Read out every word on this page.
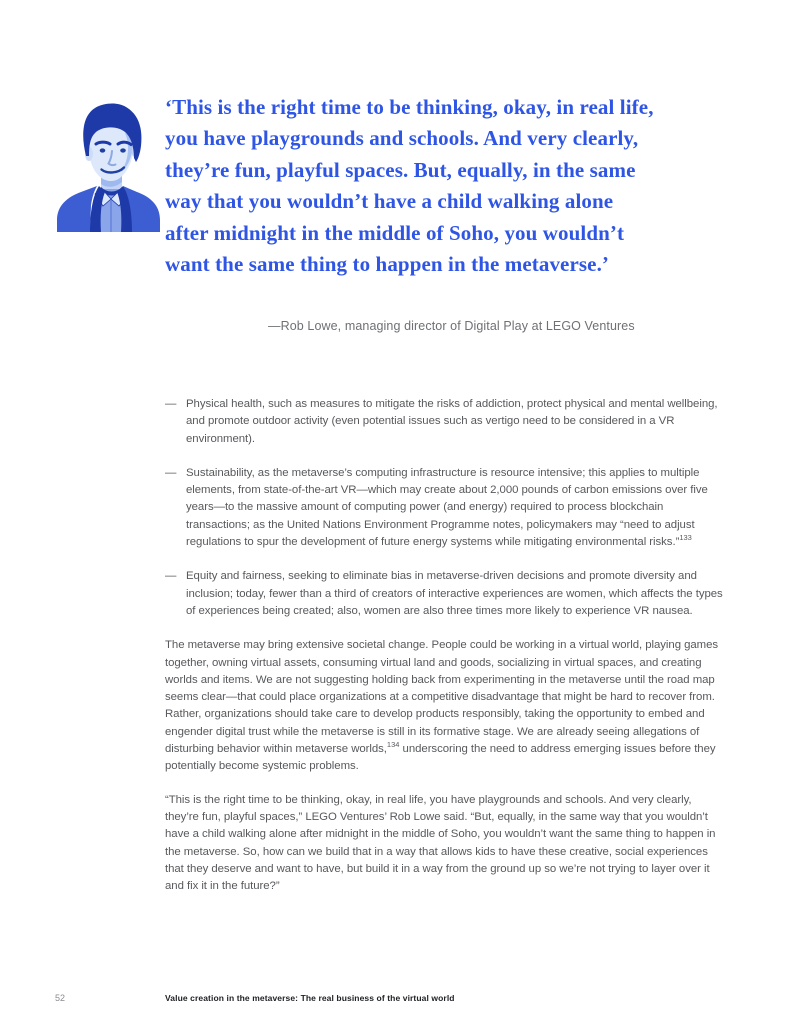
‘This is the right time to be thinking, okay, in real life,
you have playgrounds and schools. And very clearly,
they’re fun, playful spaces. But, equally, in the same
way that you wouldn’t have a child walking alone
after midnight in the middle of Soho, you wouldn’t
want the same thing to happen in the metaverse.’
—Rob Lowe, managing director of Digital Play at LEGO Ventures
— Physical health, such as measures to mitigate the risks of addiction, protect physical and mental wellbeing, and promote outdoor activity (even potential issues such as vertigo need to be considered in a VR environment).
— Sustainability, as the metaverse’s computing infrastructure is resource intensive; this applies to multiple elements, from state-of-the-art VR—which may create about 2,000 pounds of carbon emissions over five years—to the massive amount of computing power (and energy) required to process blockchain transactions; as the United Nations Environment Programme notes, policymakers may “need to adjust regulations to spur the development of future energy systems while mitigating environmental risks.”$^{133}$
— Equity and fairness, seeking to eliminate bias in metaverse-driven decisions and promote diversity and inclusion; today, fewer than a third of creators of interactive experiences are women, which affects the types of experiences being created; also, women are also three times more likely to experience VR nausea.

The metaverse may bring extensive societal change. People could be working in a virtual world, playing games together, owning virtual assets, consuming virtual land and goods, socializing in virtual spaces, and creating worlds and items. We are not suggesting holding back from experimenting in the metaverse until the road map seems clear—that could place organizations at a competitive disadvantage that might be hard to recover from. Rather, organizations should take care to develop products responsibly, taking the opportunity to embed and engender digital trust while the metaverse is still in its formative stage. We are already seeing allegations of disturbing behavior within metaverse worlds,$^{134}$ underscoring the need to address emerging issues before they potentially become systemic problems.

“This is the right time to be thinking, okay, in real life, you have playgrounds and schools. And very clearly, they’re fun, playful spaces,” LEGO Ventures’ Rob Lowe said. “But, equally, in the same way that you wouldn’t have a child walking alone after midnight in the middle of Soho, you wouldn’t want the same thing to happen in the metaverse. So, how can we build that in a way that allows kids to have these creative, social experiences that they deserve and want to have, but build it in a way from the ground up so we’re not trying to layer over it and fix it in the future?”

52	Value creation in the metaverse: The real business of the virtual world
